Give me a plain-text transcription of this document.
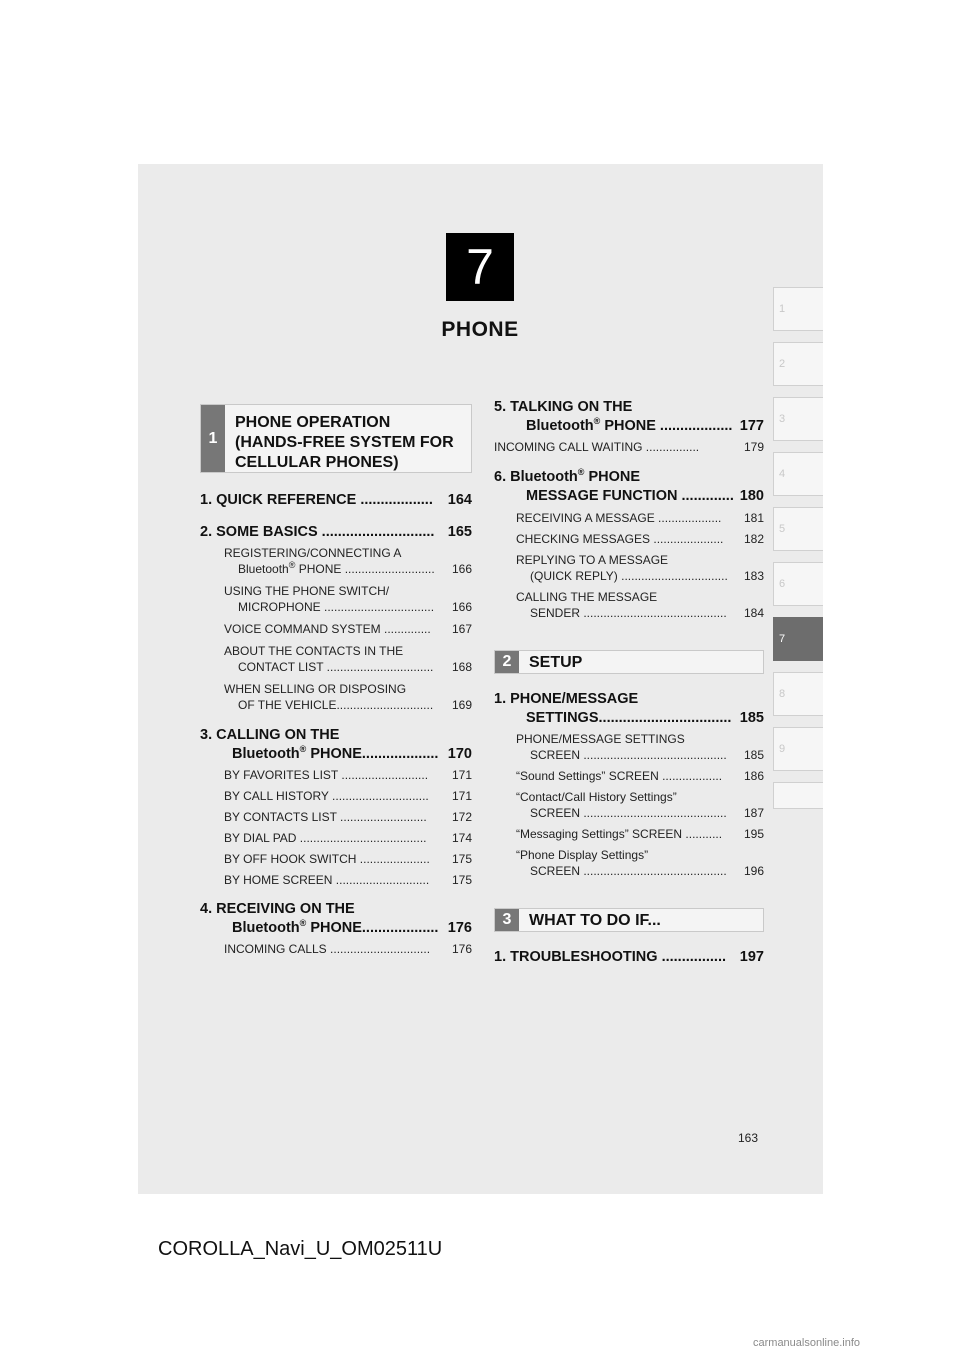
7
PHONE
1
2
3
4
5
6
7
8
9
1
PHONE OPERATION
(HANDS-FREE SYSTEM FOR
CELLULAR PHONES)
1. QUICK REFERENCE .................. 164
2. SOME BASICS ............................ 165
REGISTERING/CONNECTING A
Bluetooth® PHONE ...........................	166
USING THE PHONE SWITCH/
MICROPHONE .................................	166
VOICE COMMAND SYSTEM .............. 167
ABOUT THE CONTACTS IN THE
CONTACT LIST ................................	168
WHEN SELLING OR DISPOSING
OF THE VEHICLE.............................	169
3. CALLING ON THE
Bluetooth® PHONE................... 170
BY FAVORITES LIST .......................... 171
BY CALL HISTORY ............................. 171
BY CONTACTS LIST .......................... 172
BY DIAL PAD ...................................... 174
BY OFF HOOK SWITCH ..................... 175
BY HOME SCREEN ............................ 175
4. RECEIVING ON THE
Bluetooth® PHONE................... 176
INCOMING CALLS .............................. 176
5. TALKING ON THE
Bluetooth® PHONE .................. 177
INCOMING CALL WAITING ................	179
6. Bluetooth® PHONE
MESSAGE FUNCTION ............. 180
RECEIVING A MESSAGE ................... 181
CHECKING MESSAGES ..................... 182
REPLYING TO A MESSAGE
(QUICK REPLY) ................................	183
CALLING THE MESSAGE
SENDER ...........................................	184
2	SETUP
1. PHONE/MESSAGE
SETTINGS................................. 185
PHONE/MESSAGE SETTINGS
SCREEN ...........................................	185
“Sound Settings” SCREEN .................. 186
“Contact/Call History Settings”
SCREEN ...........................................	187
“Messaging Settings” SCREEN ........... 195
“Phone Display Settings”
SCREEN ...........................................	196
3	WHAT TO DO IF...
1. TROUBLESHOOTING ................ 197
163
COROLLA_Navi_U_OM02511U
carmanualsonline.info
